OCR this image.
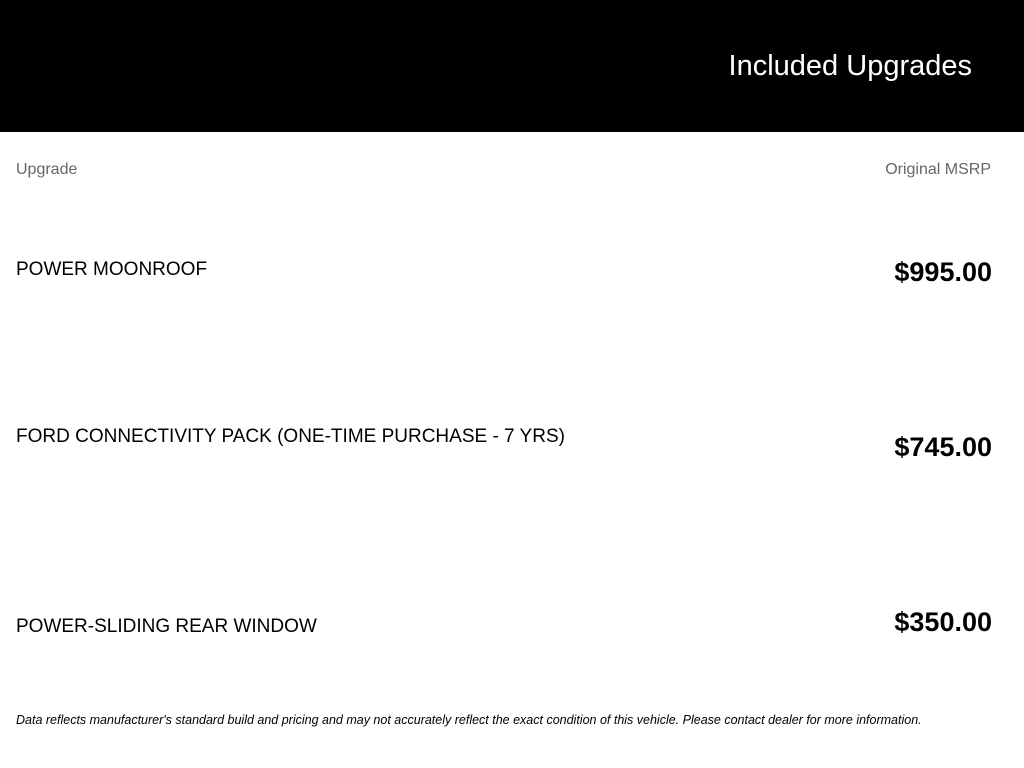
Included Upgrades
Upgrade	Original MSRP
POWER MOONROOF	$995.00
FORD CONNECTIVITY PACK (ONE-TIME PURCHASE - 7 YRS)	$745.00
POWER-SLIDING REAR WINDOW	$350.00
Data reflects manufacturer's standard build and pricing and may not accurately reflect the exact condition of this vehicle. Please contact dealer for more information.
